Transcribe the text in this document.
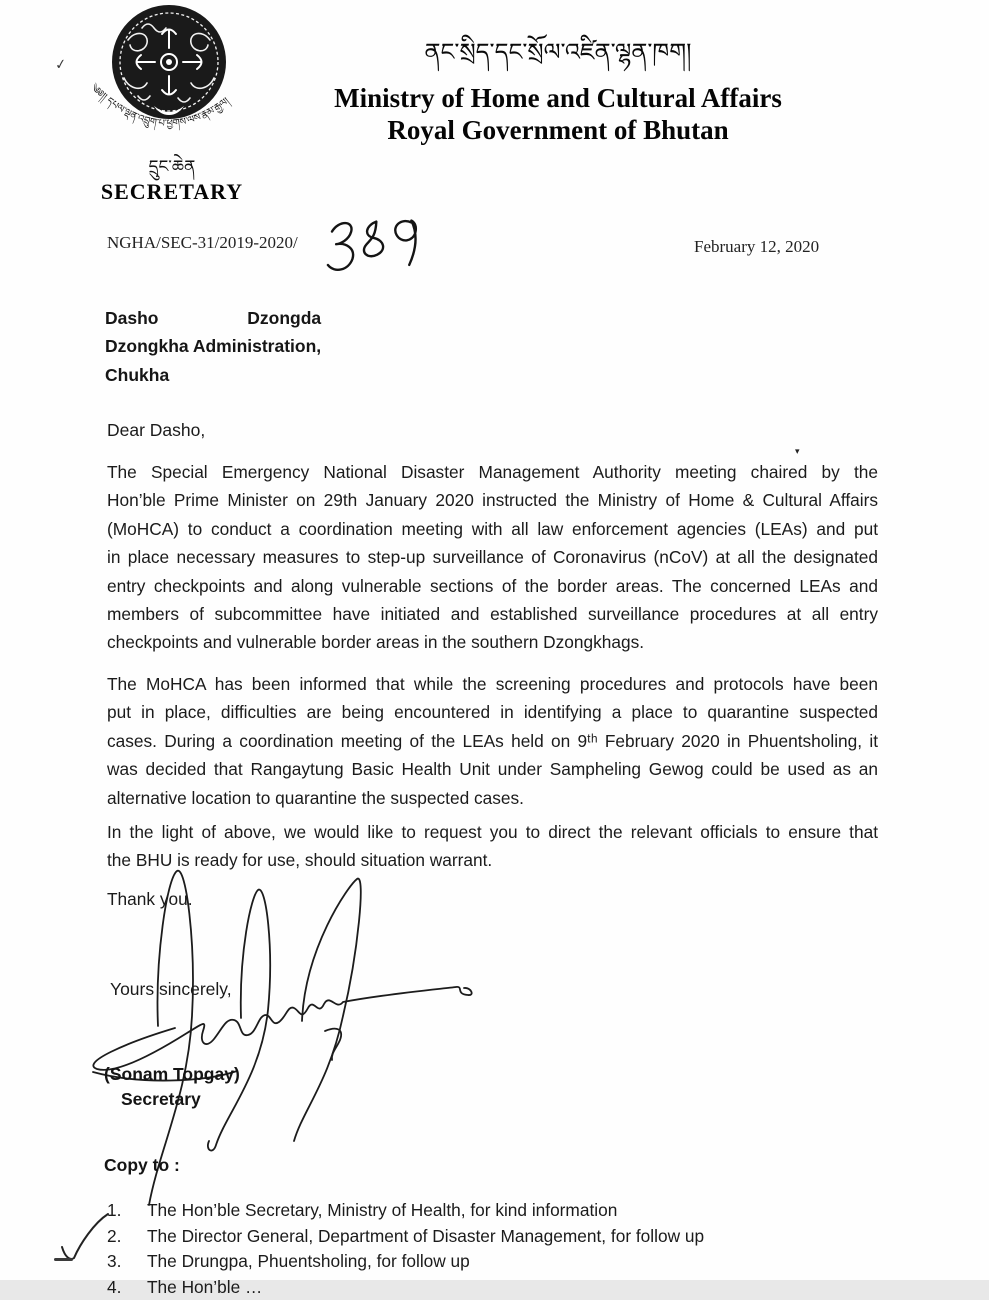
✓
༄༅།། དཔལ་ལྡན་འབྲུག་པ་ཕྱོགས་ལས་རྣམ་རྒྱལ།
དྲུང་ཆེན
SECRETARY
ནང་སྲིད་དང་སྲོལ་འཛིན་ལྷན་ཁག།
Ministry of Home and Cultural Affairs
Royal Government of Bhutan
NGHA/SEC-31/2019-2020/	February 12, 2020
Dasho Dzongda
Dzongkha Administration,
Chukha
Dear Dasho,
▾
The Special Emergency National Disaster Management Authority meeting chaired by the
Hon’ble Prime Minister on 29th January 2020 instructed the Ministry of Home & Cultural Affairs
(MoHCA) to conduct a coordination meeting with all law enforcement agencies (LEAs) and put
in place necessary measures to step-up surveillance of Coronavirus (nCoV) at all the designated
entry checkpoints and along vulnerable sections of the border areas. The concerned LEAs and
members of subcommittee have initiated and established surveillance procedures at all entry
checkpoints and vulnerable border areas in the southern Dzongkhags.
The MoHCA has been informed that while the screening procedures and protocols have been
put in place, difficulties are being encountered in identifying a place to quarantine suspected
cases. During a coordination meeting of the LEAs held on 9ᵗʰ February 2020 in Phuentsholing, it
was decided that Rangaytung Basic Health Unit under Sampheling Gewog could be used as an
alternative location to quarantine the suspected cases.
In the light of above, we would like to request you to direct the relevant officials to ensure that
the BHU is ready for use, should situation warrant.
Thank you.
Yours sincerely,
(Sonam Topgay)
Secretary
Copy to :
1.	The Hon’ble Secretary, Ministry of Health, for kind information
2.	The Director General, Department of Disaster Management, for follow up
3.	The Drungpa, Phuentsholing, for follow up
4.	The Hon’ble …
